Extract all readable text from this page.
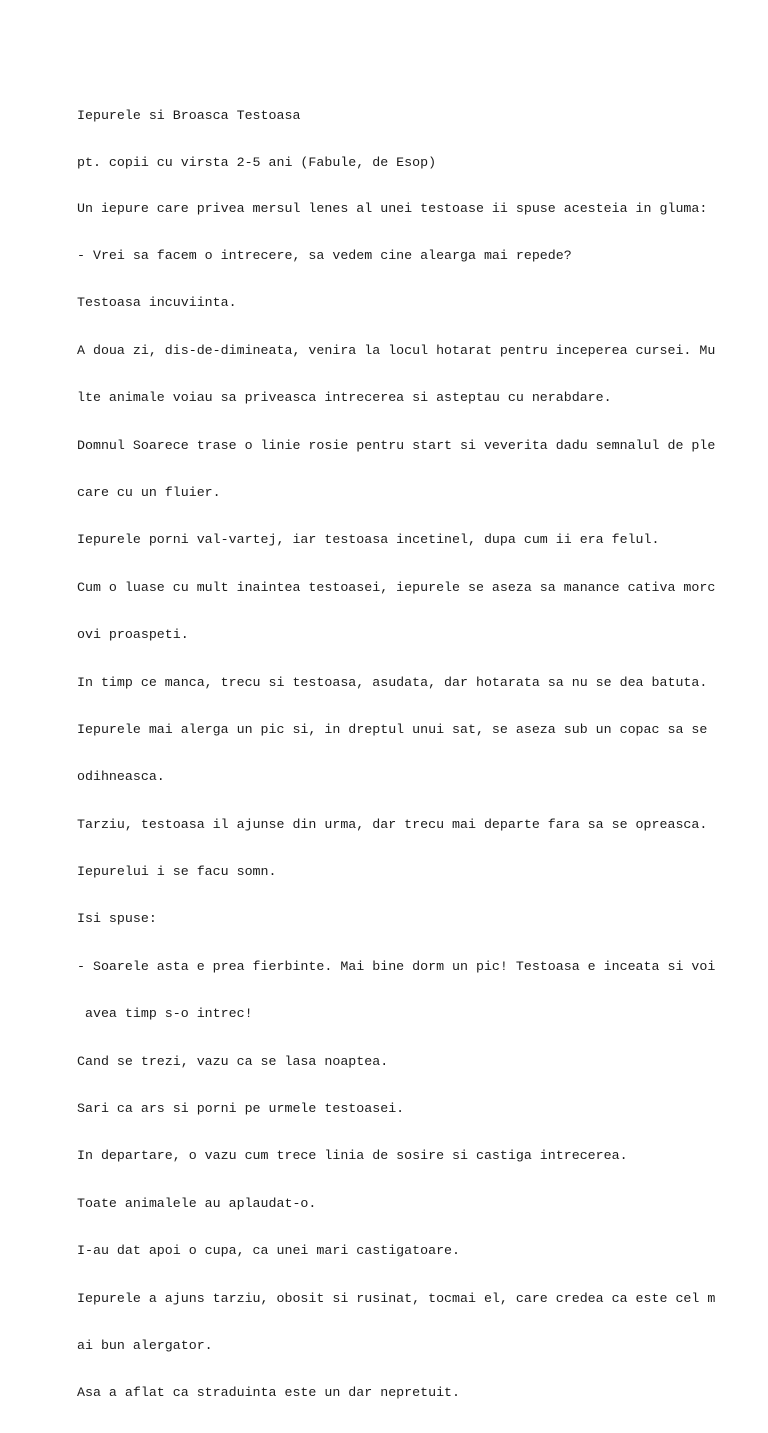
Iepurele si Broasca Testoasa

pt. copii cu virsta 2-5 ani (Fabule, de Esop)

Un iepure care privea mersul lenes al unei testoase ii spuse acesteia in gluma:

- Vrei sa facem o intrecere, sa vedem cine alearga mai repede?

Testoasa incuviinta.

A doua zi, dis-de-dimineata, venira la locul hotarat pentru inceperea cursei. Mu

lte animale voiau sa priveasca intrecerea si asteptau cu nerabdare.

Domnul Soarece trase o linie rosie pentru start si veverita dadu semnalul de ple

care cu un fluier.

Iepurele porni val-vartej, iar testoasa incetinel, dupa cum ii era felul.

Cum o luase cu mult inaintea testoasei, iepurele se aseza sa manance cativa morc

ovi proaspeti.

In timp ce manca, trecu si testoasa, asudata, dar hotarata sa nu se dea batuta.

Iepurele mai alerga un pic si, in dreptul unui sat, se aseza sub un copac sa se

odihneasca.

Tarziu, testoasa il ajunse din urma, dar trecu mai departe fara sa se opreasca.

Iepurelui i se facu somn.

Isi spuse:

- Soarele asta e prea fierbinte. Mai bine dorm un pic! Testoasa e inceata si voi

avea timp s-o intrec!

Cand se trezi, vazu ca se lasa noaptea.

Sari ca ars si porni pe urmele testoasei.

In departare, o vazu cum trece linia de sosire si castiga intrecerea.

Toate animalele au aplaudat-o.

I-au dat apoi o cupa, ca unei mari castigatoare.

Iepurele a ajuns tarziu, obosit si rusinat, tocmai el, care credea ca este cel m

ai bun alergator.

Asa a aflat ca straduinta este un dar nepretuit.
